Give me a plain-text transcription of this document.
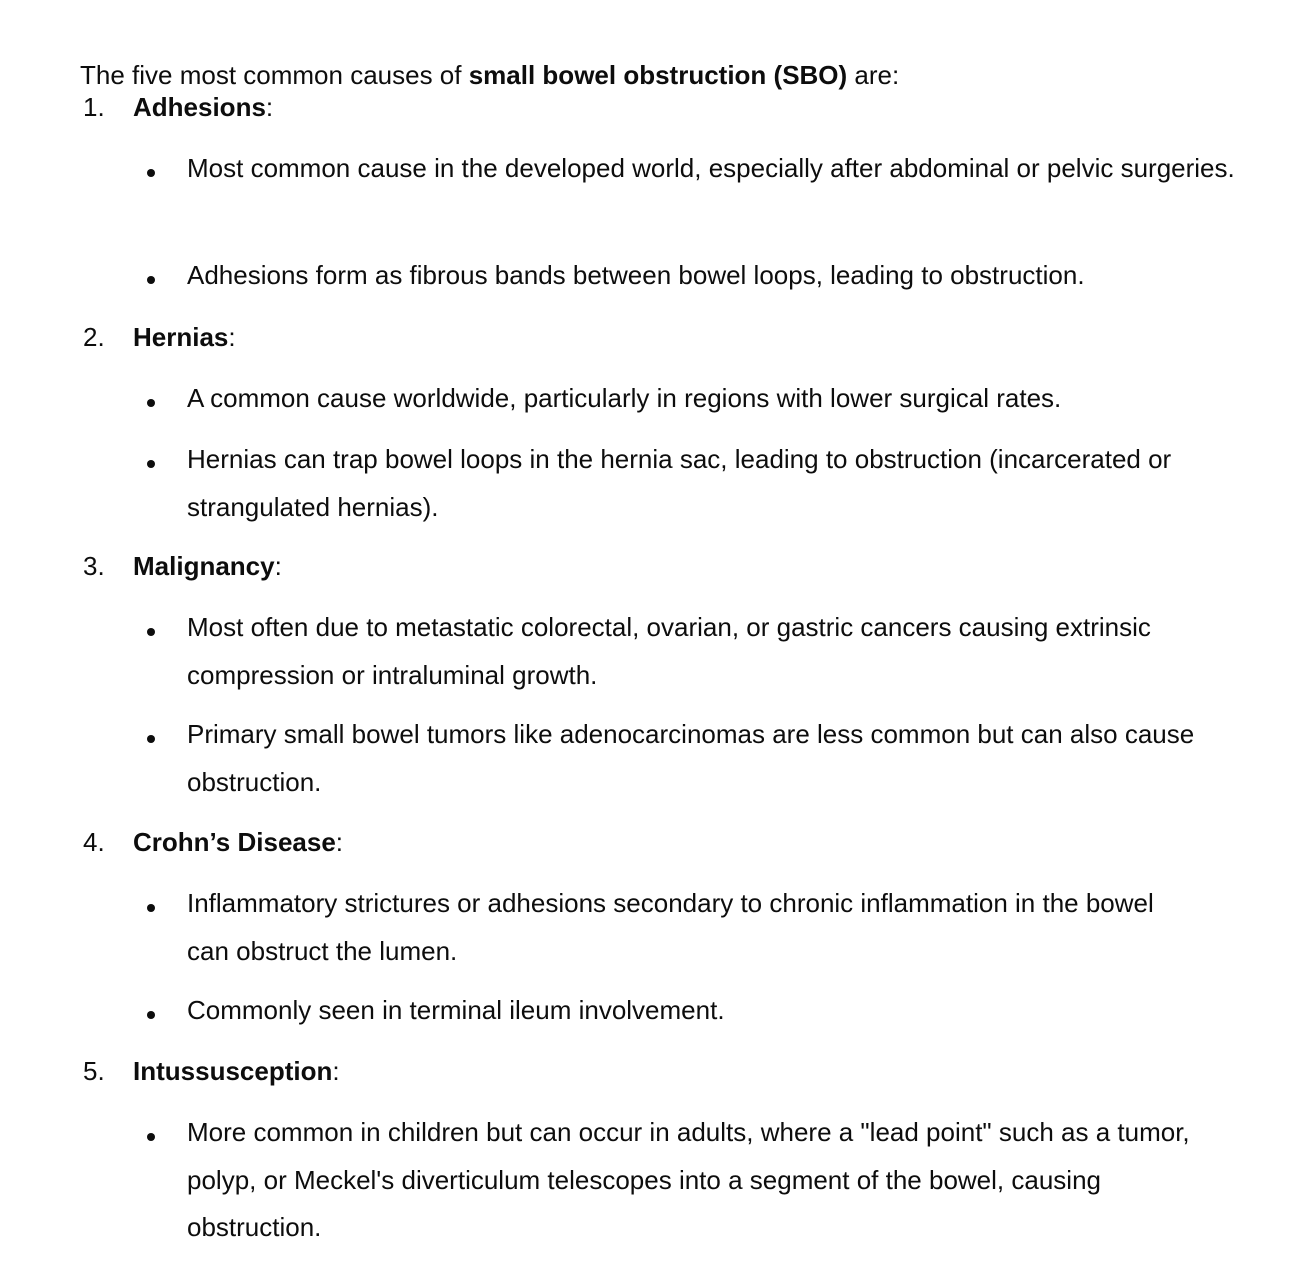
The five most common causes of small bowel obstruction (SBO) are:

1.	Adhesions:
Most common cause in the developed world, especially after abdominal or pelvic surgeries.
Adhesions form as fibrous bands between bowel loops, leading to obstruction.
2.	Hernias:
A common cause worldwide, particularly in regions with lower surgical rates.
Hernias can trap bowel loops in the hernia sac, leading to obstruction (incarcerated or strangulated hernias).
3.	Malignancy:
Most often due to metastatic colorectal, ovarian, or gastric cancers causing extrinsic compression or intraluminal growth.
Primary small bowel tumors like adenocarcinomas are less common but can also cause obstruction.
4.	Crohn’s Disease:
Inflammatory strictures or adhesions secondary to chronic inflammation in the bowel can obstruct the lumen.
Commonly seen in terminal ileum involvement.
5.	Intussusception:
More common in children but can occur in adults, where a "lead point" such as a tumor, polyp, or Meckel's diverticulum telescopes into a segment of the bowel, causing obstruction.
